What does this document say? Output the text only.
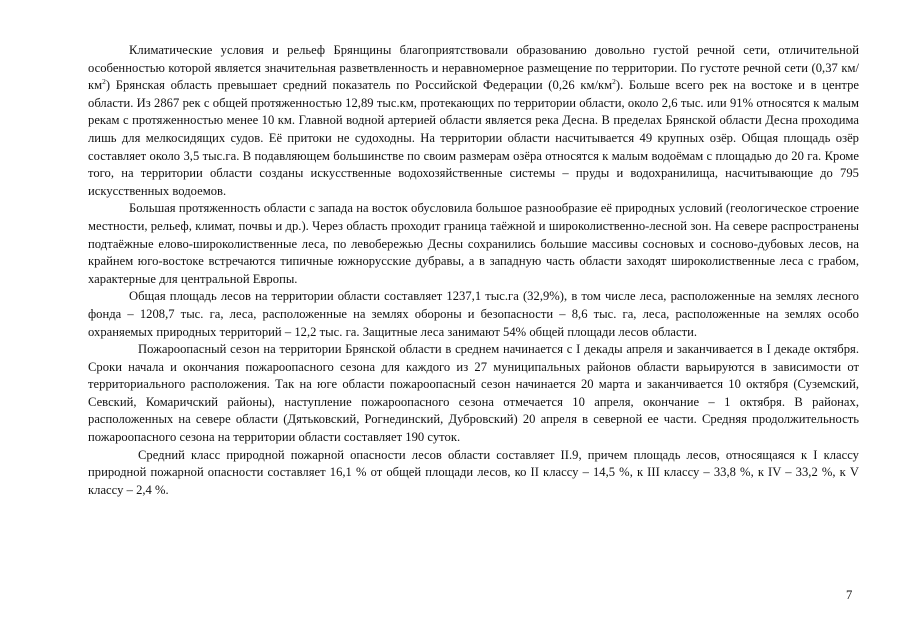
Климатические условия и рельеф Брянщины благоприятствовали образованию довольно густой речной сети, отличительной особенностью которой является значительная разветвленность и неравномерное размещение по территории. По густоте речной сети (0,37 $км/км^2$) Брянская область превышает средний показатель по Российской Федерации (0,26 $км/км^2$). Больше всего рек на востоке и в центре области. Из 2867 рек с общей протяженностью 12,89 тыс.км, протекающих по территории области, около 2,6 тыс. или 91% относятся к малым рекам с протяженностью менее 10 км. Главной водной артерией области является река Десна. В пределах Брянской области Десна проходима лишь для мелкосидящих судов. Её притоки не судоходны. На территории области насчитывается 49 крупных озёр. Общая площадь озёр составляет около 3,5 тыс.га. В подавляющем большинстве по своим размерам озёра относятся к малым водоёмам с площадью до 20 га. Кроме того, на территории области созданы искусственные водохозяйственные системы – пруды и водохранилища, насчитывающие до 795 искусственных водоемов.

Большая протяженность области с запада на восток обусловила большое разнообразие её природных условий (геологическое строение местности, рельеф, климат, почвы и др.). Через область проходит граница таёжной и широколиственно-лесной зон. На севере распространены подтаёжные елово-широколиственные леса, по левобережью Десны сохранились большие массивы сосновых и сосново-дубовых лесов, на крайнем юго-востоке встречаются типичные южнорусские дубравы, а в западную часть области заходят широколиственные леса с грабом, характерные для центральной Европы.

Общая площадь лесов на территории области составляет 1237,1 тыс.га (32,9%), в том числе леса, расположенные на землях лесного фонда – 1208,7 тыс. га, леса, расположенные на землях обороны и безопасности – 8,6 тыс. га, леса, расположенные на землях особо охраняемых природных территорий – 12,2 тыс. га. Защитные леса занимают 54% общей площади лесов области.

Пожароопасный сезон на территории Брянской области в среднем начинается с I декады апреля и заканчивается в I декаде октября. Сроки начала и окончания пожароопасного сезона для каждого из 27 муниципальных районов области варьируются в зависимости от территориального расположения. Так на юге области пожароопасный сезон начинается 20 марта и заканчивается 10 октября (Суземский, Севский, Комаричский районы), наступление пожароопасного сезона отмечается 10 апреля, окончание – 1 октября. В районах, расположенных на севере области (Дятьковский, Рогнединский, Дубровский) 20 апреля в северной ее части. Средняя продолжительность пожароопасного сезона на территории области составляет 190 суток.

Средний класс природной пожарной опасности лесов области составляет II.9, причем площадь лесов, относящаяся к I классу природной пожарной опасности составляет 16,1 % от общей площади лесов, ко II классу – 14,5 %, к III классу – 33,8 %, к IV – 33,2 %, к V классу – 2,4 %.

7
